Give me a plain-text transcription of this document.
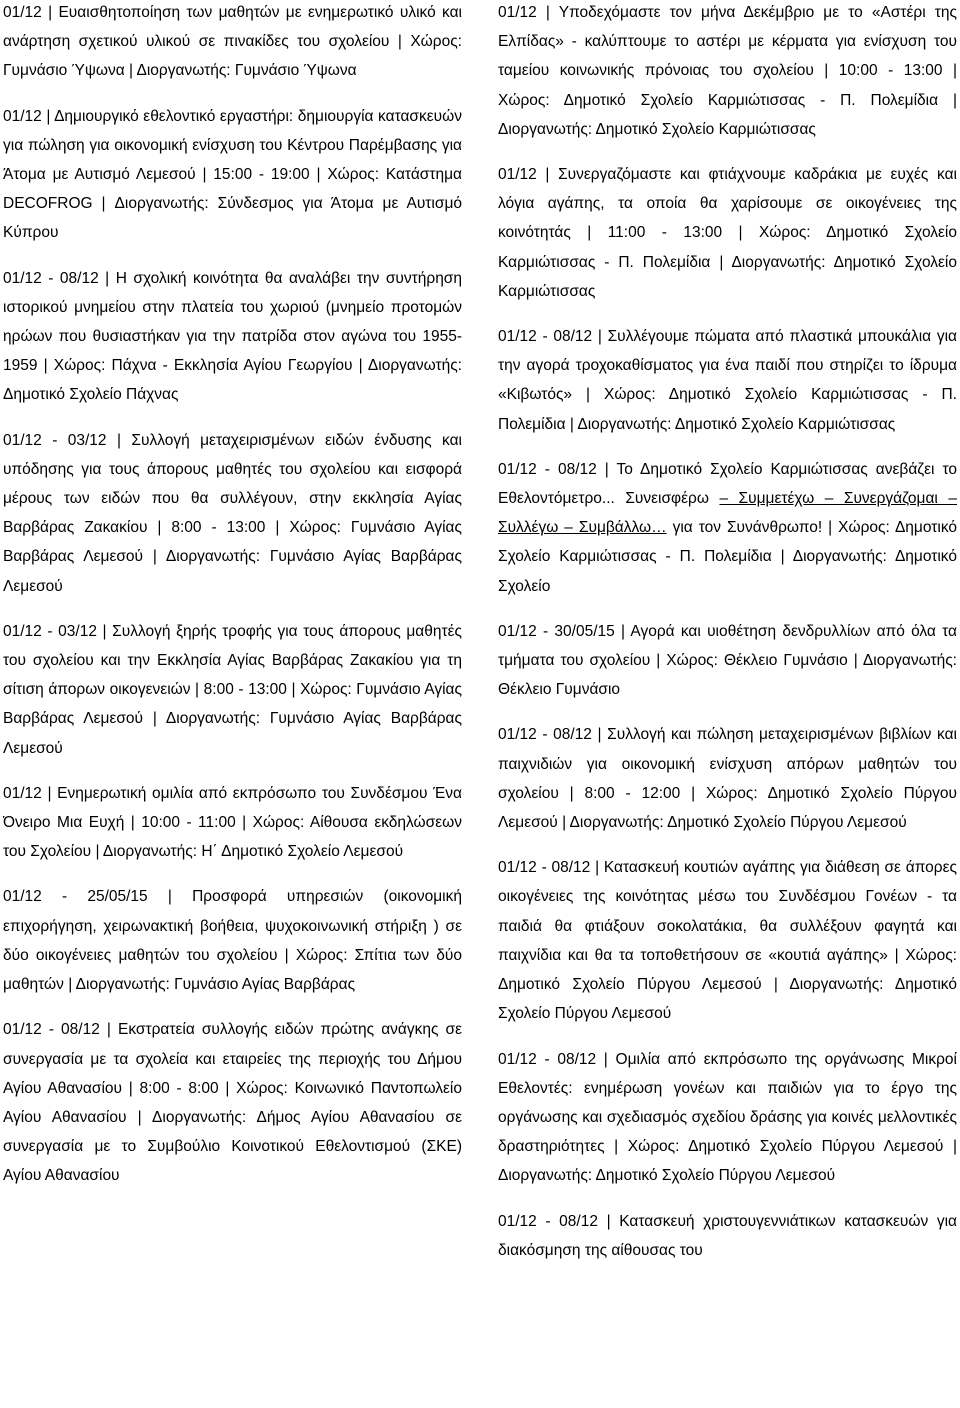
01/12 | Ευαισθητοποίηση των μαθητών με ενημερωτικό υλικό και ανάρτηση σχετικού υλικού σε πινακίδες του σχολείου | Χώρος: Γυμνάσιο Ύψωνα | Διοργανωτής: Γυμνάσιο Ύψωνα

01/12 | Δημιουργικό εθελοντικό εργαστήρι: δημιουργία κατασκευών για πώληση για οικονομική ενίσχυση του Κέντρου Παρέμβασης για Άτομα με Αυτισμό Λεμεσού | 15:00 - 19:00 | Χώρος: Κατάστημα DECOFROG | Διοργανωτής: Σύνδεσμος για Άτομα με Αυτισμό Κύπρου

01/12 - 08/12 | Η σχολική κοινότητα θα αναλάβει την συντήρηση ιστορικού μνημείου στην πλατεία του χωριού (μνημείο προτομών ηρώων που θυσιαστήκαν για την πατρίδα στον αγώνα του 1955-1959 | Χώρος: Πάχνα - Εκκλησία Αγίου Γεωργίου | Διοργανωτής: Δημοτικό Σχολείο Πάχνας

01/12 - 03/12 | Συλλογή μεταχειρισμένων ειδών ένδυσης και υπόδησης για τους άπορους μαθητές του σχολείου και εισφορά μέρους των ειδών που θα συλλέγουν, στην εκκλησία Αγίας Βαρβάρας Ζακακίου | 8:00 - 13:00 | Χώρος: Γυμνάσιο Αγίας Βαρβάρας Λεμεσού | Διοργανωτής: Γυμνάσιο Αγίας Βαρβάρας Λεμεσού

01/12 - 03/12 | Συλλογή ξηρής τροφής για τους άπορους μαθητές του σχολείου και την Εκκλησία Αγίας Βαρβάρας Ζακακίου για τη σίτιση άπορων οικογενειών | 8:00 - 13:00 | Χώρος: Γυμνάσιο Αγίας Βαρβάρας Λεμεσού | Διοργανωτής: Γυμνάσιο Αγίας Βαρβάρας Λεμεσού

01/12 | Ενημερωτική ομιλία από εκπρόσωπο του Συνδέσμου Ένα Όνειρο Μια Ευχή | 10:00 - 11:00 | Χώρος: Αίθουσα εκδηλώσεων του Σχολείου | Διοργανωτής: Η΄ Δημοτικό Σχολείο Λεμεσού

01/12 - 25/05/15 | Προσφορά υπηρεσιών (οικονομική επιχορήγηση, χειρωνακτική βοήθεια, ψυχοκοινωνική στήριξη ) σε δύο οικογένειες μαθητών του σχολείου | Χώρος: Σπίτια των δύο μαθητών | Διοργανωτής: Γυμνάσιο Αγίας Βαρβάρας

01/12 - 08/12 | Εκστρατεία συλλογής ειδών πρώτης ανάγκης σε συνεργασία με τα σχολεία και εταιρείες της περιοχής του Δήμου Αγίου Αθανασίου | 8:00 - 8:00 | Χώρος: Κοινωνικό Παντοπωλείο Αγίου Αθανασίου | Διοργανωτής: Δήμος Αγίου Αθανασίου σε συνεργασία με το Συμβούλιο Κοινοτικού Εθελοντισμού (ΣΚΕ) Αγίου Αθανασίου

01/12 | Υποδεχόμαστε τον μήνα Δεκέμβριο με το «Αστέρι της Ελπίδας» - καλύπτουμε το αστέρι με κέρματα για ενίσχυση του ταμείου κοινωνικής πρόνοιας του σχολείου | 10:00 - 13:00 | Χώρος: Δημοτικό Σχολείο Καρμιώτισσας - Π. Πολεμίδια | Διοργανωτής: Δημοτικό Σχολείο Καρμιώτισσας

01/12 | Συνεργαζόμαστε και φτιάχνουμε καδράκια με ευχές και λόγια αγάπης, τα οποία θα χαρίσουμε σε οικογένειες της κοινότητάς | 11:00 - 13:00 | Χώρος: Δημοτικό Σχολείο Καρμιώτισσας - Π. Πολεμίδια | Διοργανωτής: Δημοτικό Σχολείο Καρμιώτισσας

01/12 - 08/12 | Συλλέγουμε πώματα από πλαστικά μπουκάλια για την αγορά τροχοκαθίσματος για ένα παιδί που στηρίζει το ίδρυμα «Κιβωτός» | Χώρος: Δημοτικό Σχολείο Καρμιώτισσας - Π. Πολεμίδια | Διοργανωτής: Δημοτικό Σχολείο Καρμιώτισσας

01/12 - 08/12 | Το Δημοτικό Σχολείο Καρμιώτισσας ανεβάζει το Εθελοντόμετρο... Συνεισφέρω – Συμμετέχω – Συνεργάζομαι – Συλλέγω – Συμβάλλω… για τον Συνάνθρωπο! | Χώρος: Δημοτικό Σχολείο Καρμιώτισσας - Π. Πολεμίδια | Διοργανωτής: Δημοτικό Σχολείο

01/12 - 30/05/15 | Αγορά και υιοθέτηση δενδρυλλίων από όλα τα τμήματα του σχολείου | Χώρος: Θέκλειο Γυμνάσιο | Διοργανωτής: Θέκλειο Γυμνάσιο

01/12 - 08/12 | Συλλογή και πώληση μεταχειρισμένων βιβλίων και παιχνιδιών για οικονομική ενίσχυση απόρων μαθητών του σχολείου | 8:00 - 12:00 | Χώρος: Δημοτικό Σχολείο Πύργου Λεμεσού | Διοργανωτής: Δημοτικό Σχολείο Πύργου Λεμεσού

01/12 - 08/12 | Κατασκευή κουτιών αγάπης για διάθεση σε άπορες οικογένειες της κοινότητας μέσω του Συνδέσμου Γονέων - τα παιδιά θα φτιάξουν σοκολατάκια, θα συλλέξουν φαγητά και παιχνίδια και θα τα τοποθετήσουν σε «κουτιά αγάπης» | Χώρος: Δημοτικό Σχολείο Πύργου Λεμεσού | Διοργανωτής: Δημοτικό Σχολείο Πύργου Λεμεσού

01/12 - 08/12 | Ομιλία από εκπρόσωπο της οργάνωσης Μικροί Εθελοντές: ενημέρωση γονέων και παιδιών για το έργο της οργάνωσης και σχεδιασμός σχεδίου δράσης για κοινές μελλοντικές δραστηριότητες | Χώρος: Δημοτικό Σχολείο Πύργου Λεμεσού | Διοργανωτής: Δημοτικό Σχολείο Πύργου Λεμεσού

01/12 - 08/12 | Κατασκευή χριστουγεννιάτικων κατασκευών για διακόσμηση της αίθουσας του
